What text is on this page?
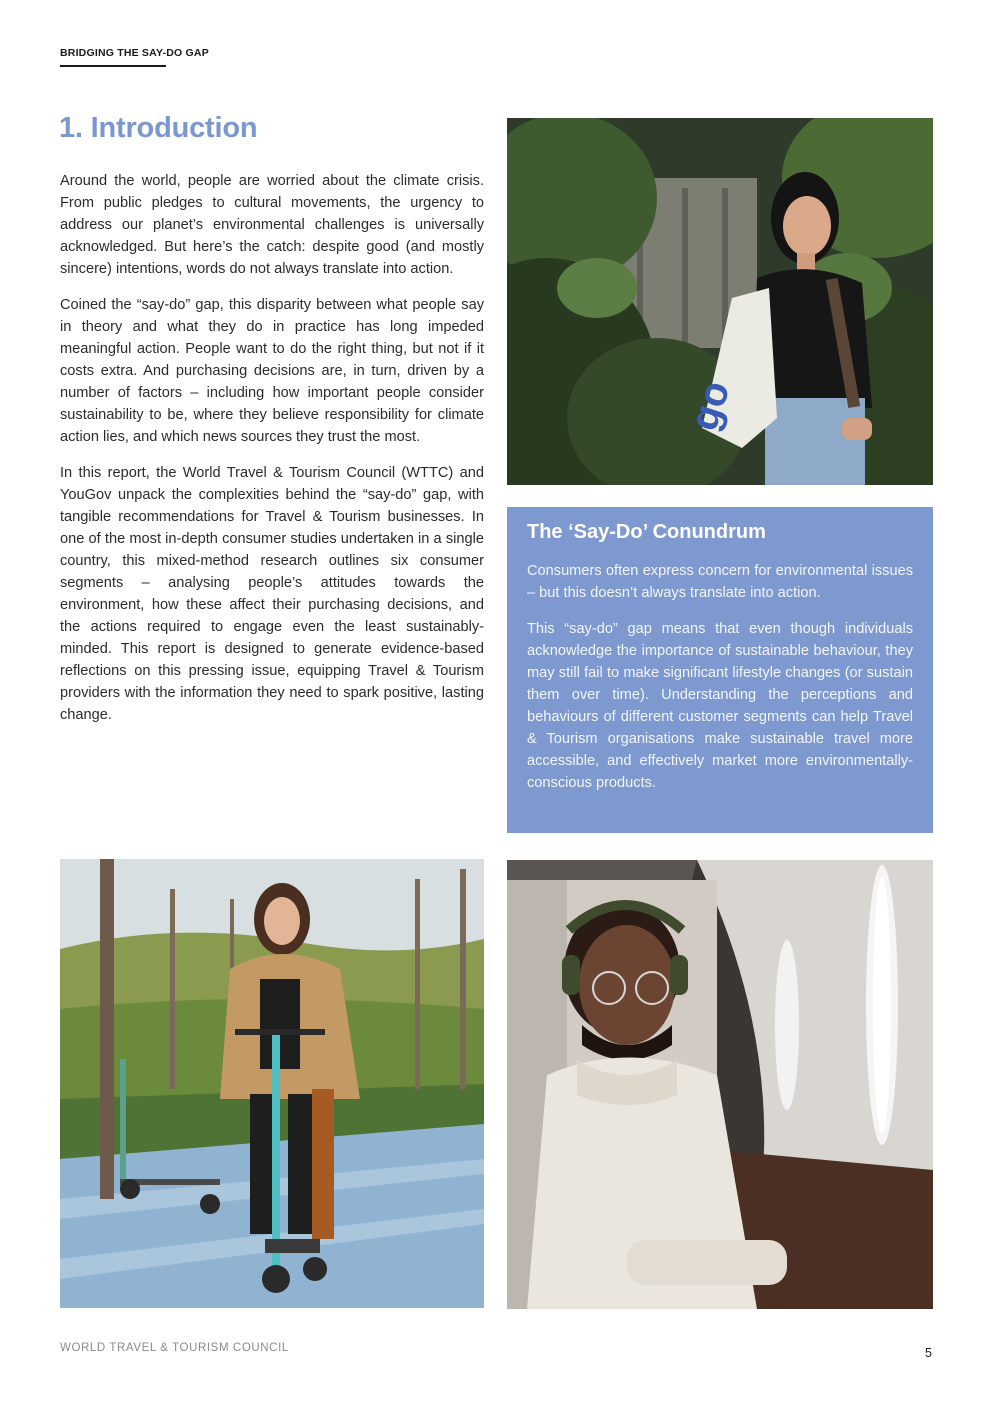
BRIDGING THE SAY-DO GAP
1. Introduction

Around the world, people are worried about the climate crisis. From public pledges to cultural movements, the urgency to address our planet’s environmental challenges is universally acknowledged. But here’s the catch: despite good (and mostly sincere) intentions, words do not always translate into action.

Coined the “say-do” gap, this disparity between what people say in theory and what they do in practice has long impeded meaningful action. People want to do the right thing, but not if it costs extra. And purchasing decisions are, in turn, driven by a number of factors – including how important people consider sustainability to be, where they believe responsibility for climate action lies, and which news sources they trust the most.

In this report, the World Travel & Tourism Council (WTTC) and YouGov unpack the complexities behind the “say-do” gap, with tangible recommendations for Travel & Tourism businesses. In one of the most in-depth consumer studies undertaken in a single country, this mixed-method research outlines six consumer segments – analysing people’s attitudes towards the environment, how these affect their purchasing decisions, and the actions required to engage even the least sustainably-minded. This report is designed to generate evidence-based reflections on this pressing issue, equipping Travel & Tourism providers with the information they need to spark positive, lasting change.

go
The ‘Say-Do’ Conundrum

Consumers often express concern for environmental issues – but this doesn’t always translate into action.

This “say-do” gap means that even though individuals acknowledge the importance of sustainable behaviour, they may still fail to make significant lifestyle changes (or sustain them over time). Understanding the perceptions and behaviours of different customer segments can help Travel & Tourism organisations make sustainable travel more accessible, and effectively market more environmentally-conscious products.

WORLD TRAVEL & TOURISM COUNCIL	5
